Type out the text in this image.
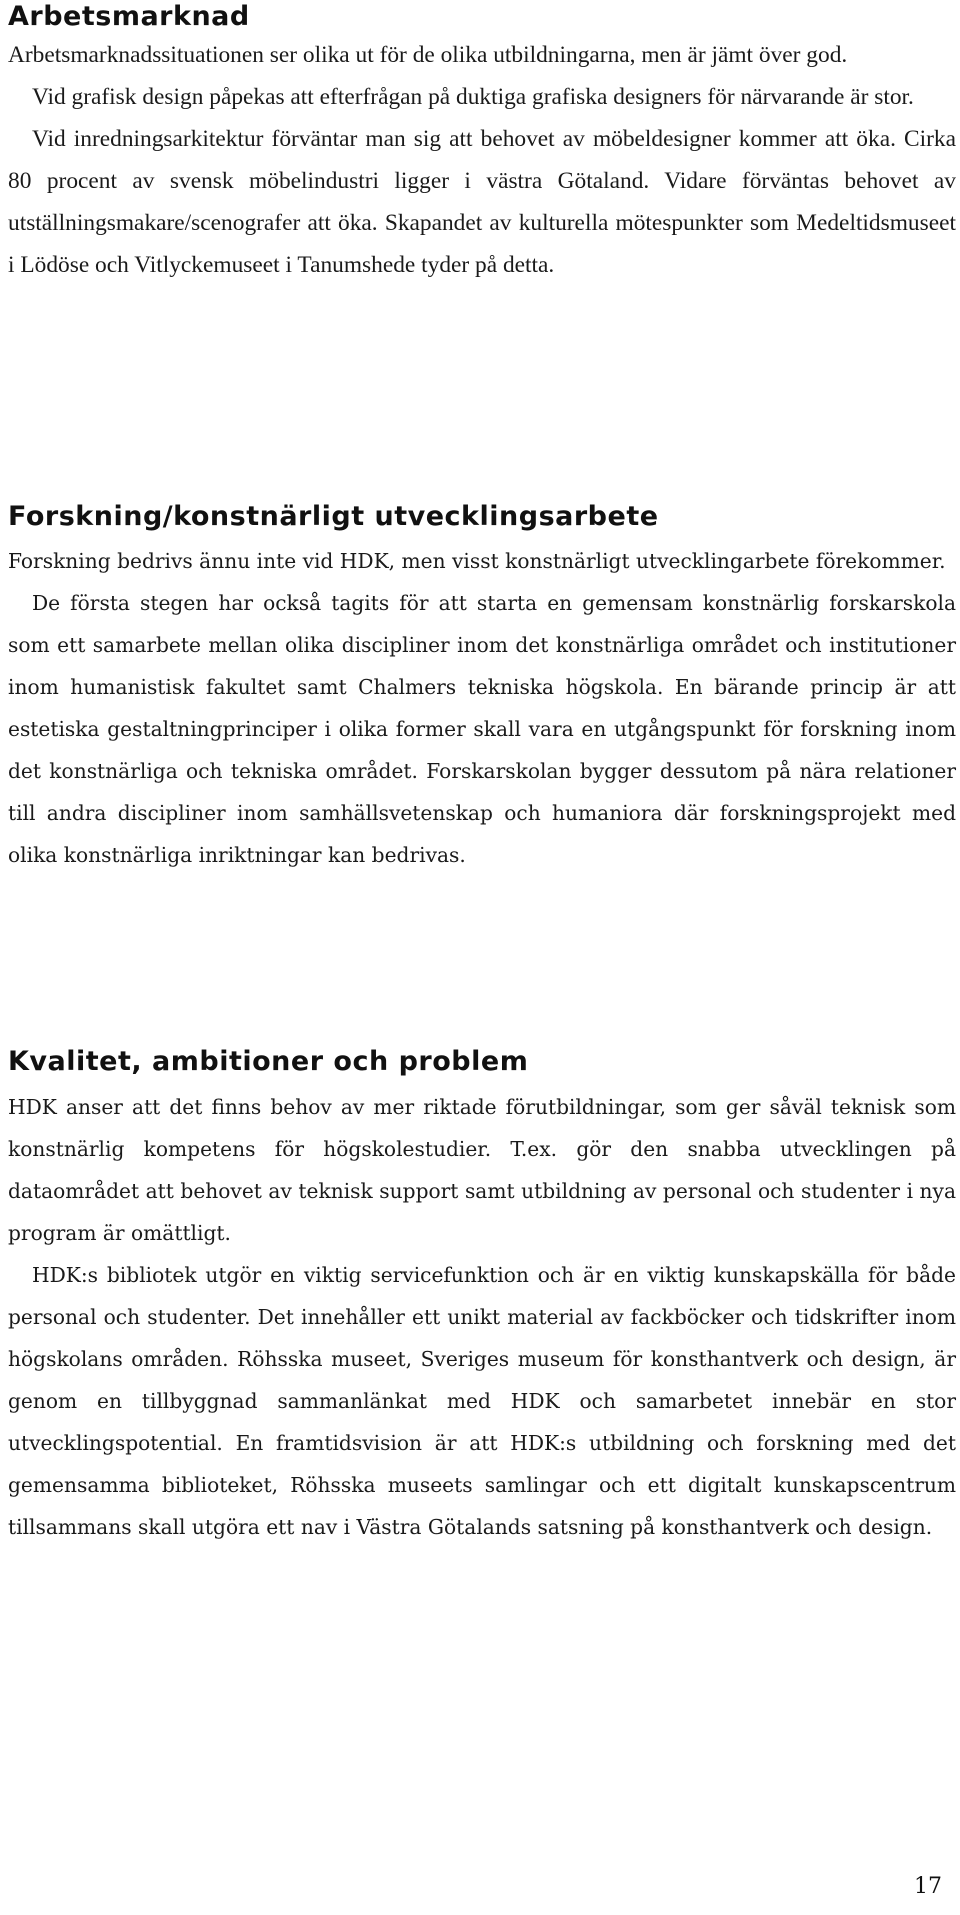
Arbetsmarknad

Arbetsmarknadssituationen ser olika ut för de olika utbildningarna, men är jämt över god.

Vid grafisk design påpekas att efterfrågan på duktiga grafiska designers för närvarande är stor.

Vid inredningsarkitektur förväntar man sig att behovet av möbeldesigner kommer att öka. Cirka 80 procent av svensk möbelindustri ligger i västra Götaland. Vidare förväntas behovet av utställningsmakare/scenografer att öka. Skapandet av kulturella mötespunkter som Medeltidsmuseet i Lödöse och Vitlyckemuseet i Tanumshede tyder på detta.

Forskning/konstnärligt utvecklingsarbete

Forskning bedrivs ännu inte vid HDK, men visst konstnärligt utvecklingarbete förekommer.

De första stegen har också tagits för att starta en gemensam konstnärlig forskarskola som ett samarbete mellan olika discipliner inom det konstnärliga området och institutioner inom humanistisk fakultet samt Chalmers tekniska högskola. En bärande princip är att estetiska gestaltningprinciper i olika former skall vara en utgångspunkt för forskning inom det konstnärliga och tekniska området. Forskarskolan bygger dessutom på nära relationer till andra discipliner inom samhällsvetenskap och humaniora där forskningsprojekt med olika konstnärliga inriktningar kan bedrivas.

Kvalitet, ambitioner och problem

HDK anser att det finns behov av mer riktade förutbildningar, som ger såväl teknisk som konstnärlig kompetens för högskolestudier. T.ex. gör den snabba utvecklingen på dataområdet att behovet av teknisk support samt utbildning av personal och studenter i nya program är omättligt.

HDK:s bibliotek utgör en viktig servicefunktion och är en viktig kunskapskälla för både personal och studenter. Det innehåller ett unikt material av fackböcker och tidskrifter inom högskolans områden. Röhsska museet, Sveriges museum för konsthantverk och design, är genom en tillbyggnad sammanlänkat med HDK och samarbetet innebär en stor utvecklingspotential. En framtidsvision är att HDK:s utbildning och forskning med det gemensamma biblioteket, Röhsska museets samlingar och ett digitalt kunskapscentrum tillsammans skall utgöra ett nav i Västra Götalands satsning på konsthantverk och design.

17
